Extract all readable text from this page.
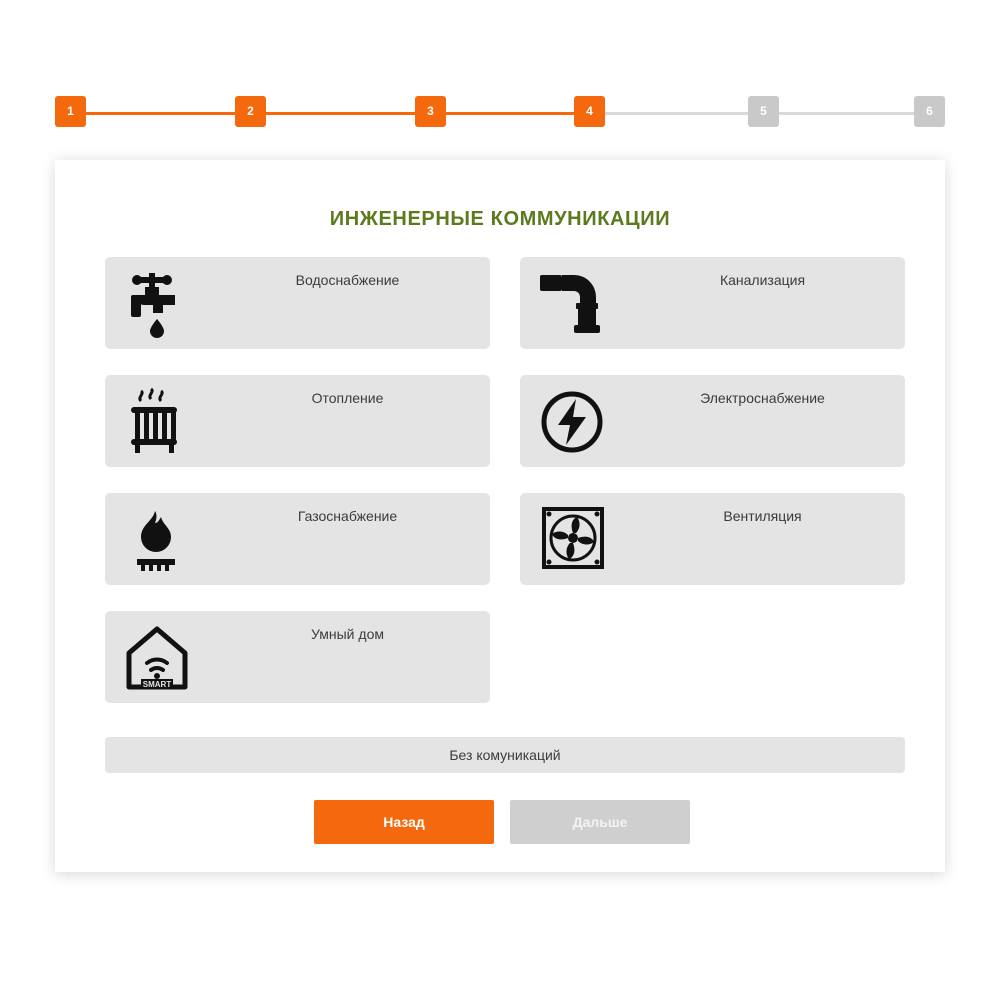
1	2	3	4	5	6
ИНЖЕНЕРНЫЕ КОММУНИКАЦИИ
Водоснабжение	Канализация
Отопление	Электроснабжение
Газоснабжение	Вентиляция
SMART
Умный дом
Без комуникаций
Назад	Дальше
